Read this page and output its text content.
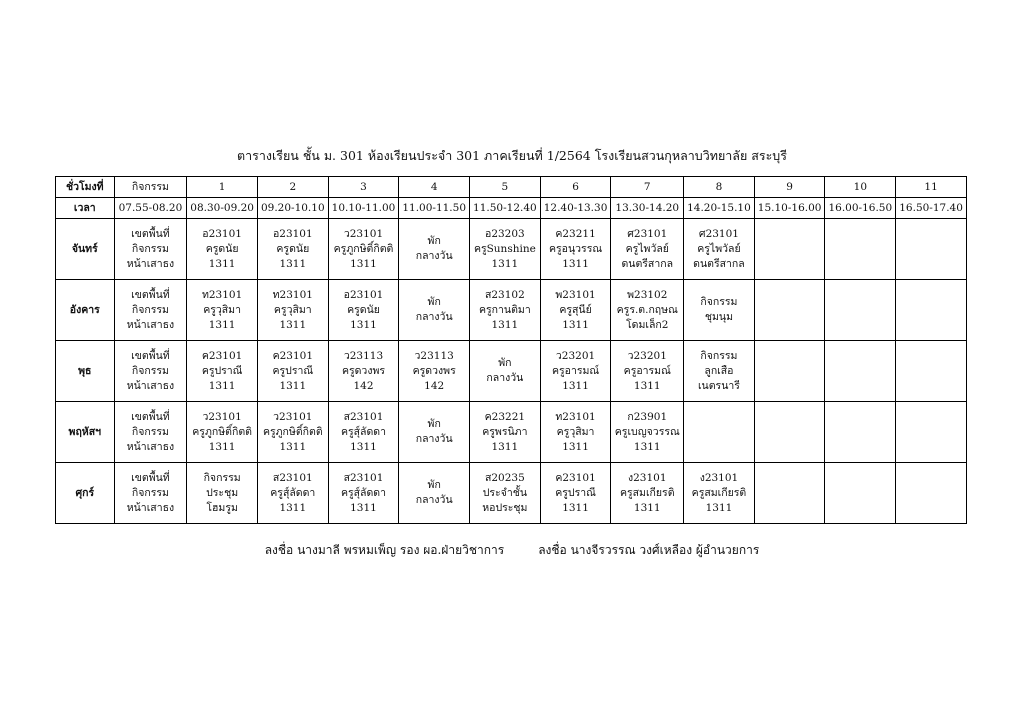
ตารางเรียน ชั้น ม. 301 ห้องเรียนประจำ 301 ภาคเรียนที่ 1/2564 โรงเรียนสวนกุหลาบวิทยาลัย สระบุรี
ชั่วโมงที่	กิจกรรม	1	2	3	4	5	6	7	8	9	10	11
เวลา	07.55-08.20	08.30-09.20	09.20-10.10	10.10-11.00	11.00-11.50	11.50-12.40	12.40-13.30	13.30-14.20	14.20-15.10	15.10-16.00	16.00-16.50	16.50-17.40
จันทร์	เขตพื้นที่
กิจกรรม
หน้าเสาธง	อ23101
ครูดนัย
1311	อ23101
ครูดนัย
1311	ว23101
ครูภูกษิติ์กิตติ
1311	พัก
กลางวัน	อ23203
ครูSunshine
1311	ค23211
ครูอนุวรรณ
1311	ศ23101
ครูไพวัลย์
ดนตรีสากล	ศ23101
ครูไพวัลย์
ดนตรีสากล			

อังคาร	เขตพื้นที่
กิจกรรม
หน้าเสาธง	ท23101
ครูวุสิมา
1311	ท23101
ครูวุสิมา
1311	อ23101
ครูดนัย
1311	พัก
กลางวัน	ส23102
ครูกานติมา
1311	พ23101
ครูสุนีย์
1311	พ23102
ครูร.ต.กฤษณ
โดมเล็ก2	กิจกรรม
ชุมนุม			

พุธ	เขตพื้นที่
กิจกรรม
หน้าเสาธง	ค23101
ครูปราณี
1311	ค23101
ครูปราณี
1311	ว23113
ครูดวงพร
142	ว23113
ครูดวงพร
142	พัก
กลางวัน	ว23201
ครูอารมณ์
1311	ว23201
ครูอารมณ์
1311	กิจกรรม
ลูกเสือ
เนตรนารี			

พฤหัสฯ	เขตพื้นที่
กิจกรรม
หน้าเสาธง	ว23101
ครูภูกษิติ์กิตติ
1311	ว23101
ครูภูกษิติ์กิตติ
1311	ส23101
ครูสุ์ลัดดา
1311	พัก
กลางวัน	ค23221
ครูพรนิภา
1311	ท23101
ครูวุสิมา
1311	ก23901
ครูเบญจวรรณ
1311				

ศุกร์	เขตพื้นที่
กิจกรรม
หน้าเสาธง	กิจกรรม
ประชุม
โฮมรูม	ส23101
ครูสุ์ลัดดา
1311	ส23101
ครูสุ์ลัดดา
1311	พัก
กลางวัน	ส20235
ประจำชั้น
หอประชุม	ค23101
ครูปราณี
1311	ง23101
ครูสมเกียรติ
1311	ง23101
ครูสมเกียรติ
1311			

ลงชื่อ นางมาลี พรหมเพ็ญ รอง ผอ.ฝ่ายวิชาการ	ลงชื่อ นางจีรวรรณ วงศ์เหลือง ผู้อำนวยการ
